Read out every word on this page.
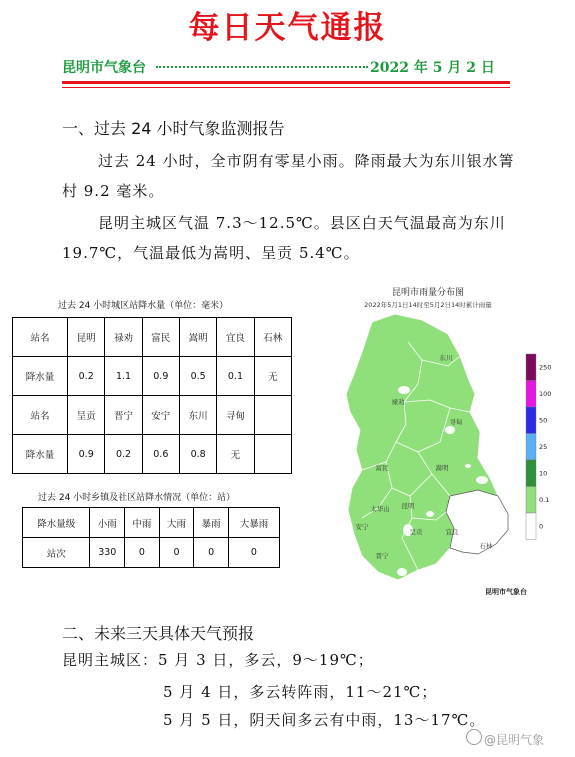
每日天气通报
昆明市气象台	2022 年 5 月 2 日
一、过去 24 小时气象监测报告
过去 24 小时，全市阴有零星小雨。降雨最大为东川银水箐村 9.2 毫米。
昆明主城区气温 7.3～12.5℃。县区白天气温最高为东川 19.7℃，气温最低为嵩明、呈贡 5.4℃。
过去 24 小时城区站降水量（单位：毫米）
站名	昆明	禄劝	富民	嵩明	宜良	石林
降水量	0.2	1.1	0.9	0.5	0.1	无
站名	呈贡	晋宁	安宁	东川	寻甸	
降水量	0.9	0.2	0.6	0.8	无	
过去 24 小时乡镇及社区站降水情况（单位：站）
降水量级	小雨	中雨	大雨	暴雨	大暴雨
站次	330	0	0	0	0
昆明市雨量分布图
2022年5月1日14时至5月2日14时累计雨量
东川
禄劝
寻甸
富民	嵩明
太华山 昆明
安宁
呈贡	宜良
石林
晋宁
昆明市气象台
250
100
50
25
10
0.1
0
二、未来三天具体天气预报
昆明主城区：5 月 3 日，多云，9～19℃；
5 月 4 日，多云转阵雨，11～21℃；
5 月 5 日，阴天间多云有中雨，13～17℃。
@昆明气象
